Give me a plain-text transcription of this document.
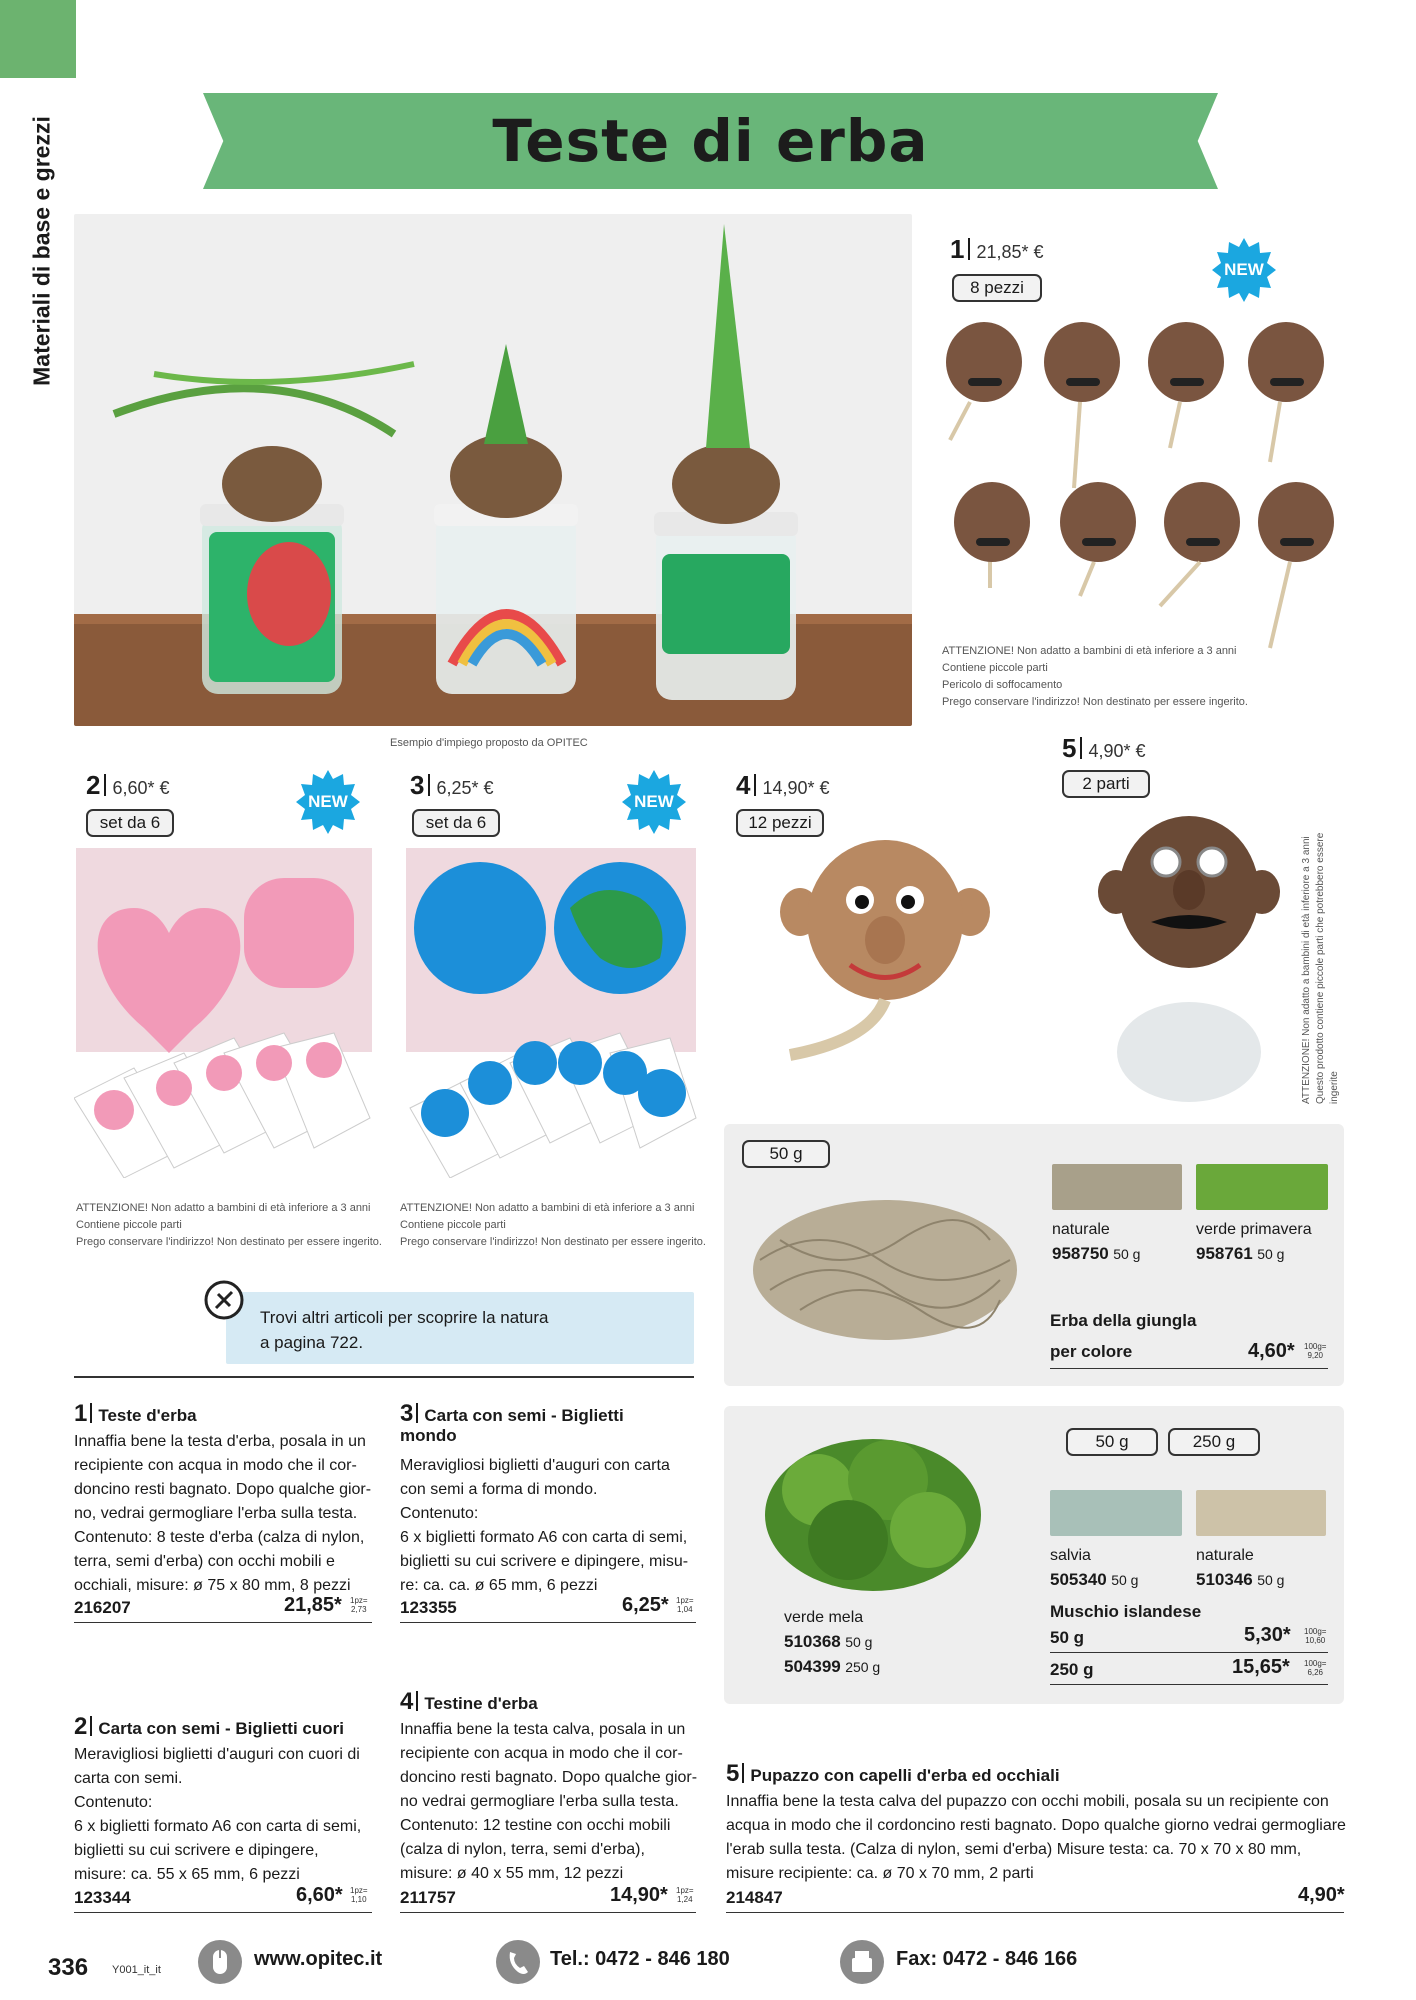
Materiali di base e grezzi	Teste di erba
Esempio d'impiego proposto da OPITEC
1 21,85* €
8 pezzi
NEW
ATTENZIONE! Non adatto a bambini di età inferiore a 3 anni
Contiene piccole parti
Pericolo di soffocamento
Prego conservare l'indirizzo! Non destinato per essere ingerito.
5 4,90* €
2 parti
2 6,60* €
set da 6
NEW
3 6,25* €
set da 6
NEW
4 14,90* €
12 pezzi
ATTENZIONE! Non adatto a bambini di età inferiore a 3 anni
Contiene piccole parti
Prego conservare l'indirizzo! Non destinato per essere ingerito.
ATTENZIONE! Non adatto a bambini di età inferiore a 3 anni
Contiene piccole parti
Prego conservare l'indirizzo! Non destinato per essere ingerito.
ATTENZIONE! Non adatto a bambini di età inferiore a 3 anni Questo prodotto contiene piccole parti che potrebbero essere ingerite
Trovi altri articoli per scoprire la natura
a pagina 722.
50 g
naturale
958750 50 g
verde primavera
958761 50 g
Erba della giungla
per colore	4,60* 100g=
9,20
50 g	250 g
salvia
505340 50 g
naturale
510346 50 g
verde mela
510368 50 g
504399 250 g
Muschio islandese
50 g	5,30* 100g=
10,60
250 g	15,65* 100g=
6,26
1 Teste d'erba
Innaffia bene la testa d'erba, posala in un
recipiente con acqua in modo che il cor-
doncino resti bagnato. Dopo qualche gior-
no, vedrai germogliare l'erba sulla testa.
Contenuto: 8 teste d'erba (calza di nylon,
terra, semi d'erba) con occhi mobili e
occhiali, misure: ø 75 x 80 mm, 8 pezzi
216207	21,85* 1pz=
2,73
3 Carta con semi - Biglietti
mondo
Meravigliosi biglietti d'auguri con carta
con semi a forma di mondo.
Contenuto:
6 x biglietti formato A6 con carta di semi,
biglietti su cui scrivere e dipingere, misu-
re: ca. ca. ø 65 mm, 6 pezzi
123355	6,25* 1pz=
1,04
2 Carta con semi - Biglietti cuori
Meravigliosi biglietti d'auguri con cuori di
carta con semi.
Contenuto:
6 x biglietti formato A6 con carta di semi,
biglietti su cui scrivere e dipingere,
misure: ca. 55 x 65 mm, 6 pezzi
123344	6,60* 1pz=
1,10
4 Testine d'erba
Innaffia bene la testa calva, posala in un
recipiente con acqua in modo che il cor-
doncino resti bagnato. Dopo qualche gior-
no vedrai germogliare l'erba sulla testa.
Contenuto: 12 testine con occhi mobili
(calza di nylon, terra, semi d'erba),
misure: ø 40 x 55 mm, 12 pezzi
211757	14,90* 1pz=
1,24
5 Pupazzo con capelli d'erba ed occhiali
Innaffia bene la testa calva del pupazzo con occhi mobili, posala su un recipiente con
acqua in modo che il cordoncino resti bagnato. Dopo qualche giorno vedrai germogliare
l'erab sulla testa. (Calza di nylon, semi d'erba) Misure testa: ca. 70 x 70 x 80 mm,
misure recipiente: ca. ø 70 x 70 mm, 2 parti
214847	4,90*
336 Y001_it_it	www.opitec.it	Tel.: 0472 - 846 180	Fax: 0472 - 846 166
